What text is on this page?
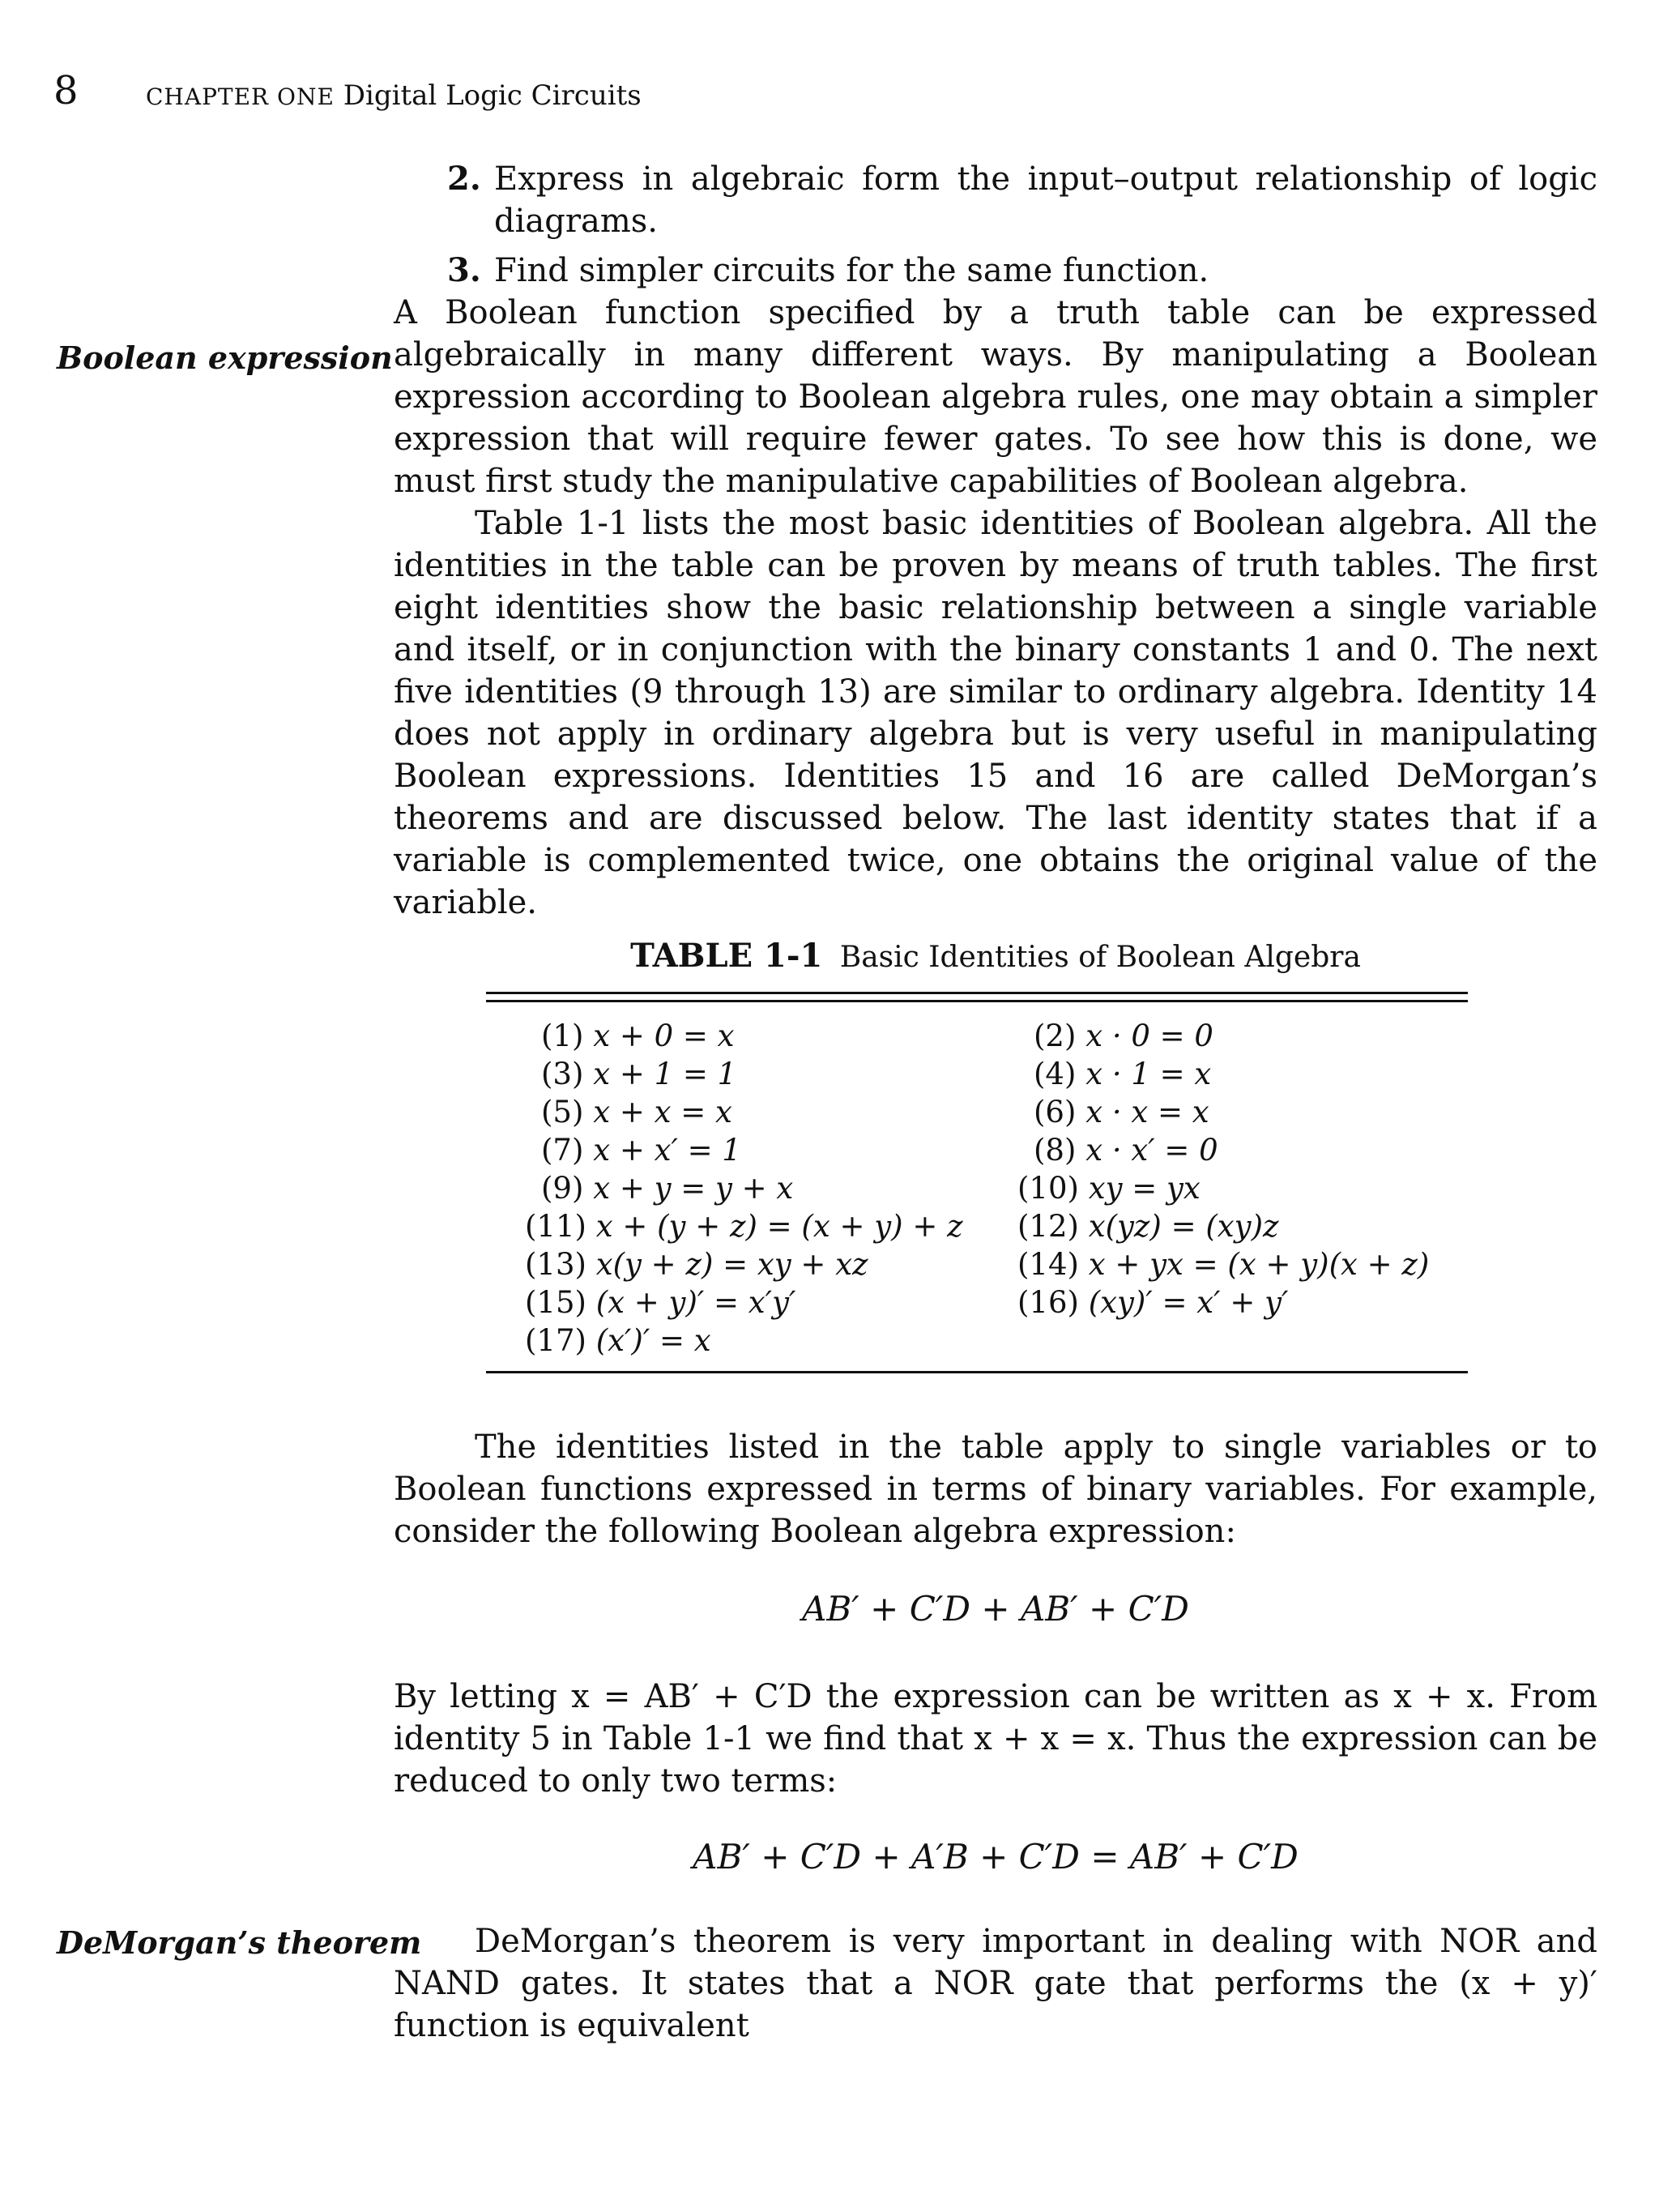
8	CHAPTER ONE Digital Logic Circuits
2. Express in algebraic form the input–output relationship of logic diagrams.
3. Find simpler circuits for the same function.
Boolean expression
A Boolean function specified by a truth table can be expressed algebraically in many different ways. By manipulating a Boolean expression according to Boolean algebra rules, one may obtain a simpler expression that will require fewer gates. To see how this is done, we must first study the manipulative capabilities of Boolean algebra.
Table 1-1 lists the most basic identities of Boolean algebra. All the identities in the table can be proven by means of truth tables. The first eight identities show the basic relationship between a single variable and itself, or in conjunction with the binary constants 1 and 0. The next five identities (9 through 13) are similar to ordinary algebra. Identity 14 does not apply in ordinary algebra but is very useful in manipulating Boolean expressions. Identities 15 and 16 are called DeMorgan’s theorems and are discussed below. The last identity states that if a variable is complemented twice, one obtains the original value of the variable.
TABLE 1-1 Basic Identities of Boolean Algebra
(1) x + 0 = x
(3) x + 1 = 1
(5) x + x = x
(7) x + x′ = 1
(9) x + y = y + x
(11) x + (y + z) = (x + y) + z
(13) x(y + z) = xy + xz
(15) (x + y)′ = x′y′
(17) (x′)′ = x
(2) x · 0 = 0
(4) x · 1 = x
(6) x · x = x
(8) x · x′ = 0
(10) xy = yx
(12) x(yz) = (xy)z
(14) x + yx = (x + y)(x + z)
(16) (xy)′ = x′ + y′
The identities listed in the table apply to single variables or to Boolean functions expressed in terms of binary variables. For example, consider the following Boolean algebra expression:
AB′ + C′D + AB′ + C′D
By letting x = AB′ + C′D the expression can be written as x + x. From identity 5 in Table 1-1 we find that x + x = x. Thus the expression can be reduced to only two terms:
AB′ + C′D + A′B + C′D = AB′ + C′D
DeMorgan’s theorem	DeMorgan’s theorem is very important in dealing with NOR and NAND gates. It states that a NOR gate that performs the (x + y)′ function is equivalent
